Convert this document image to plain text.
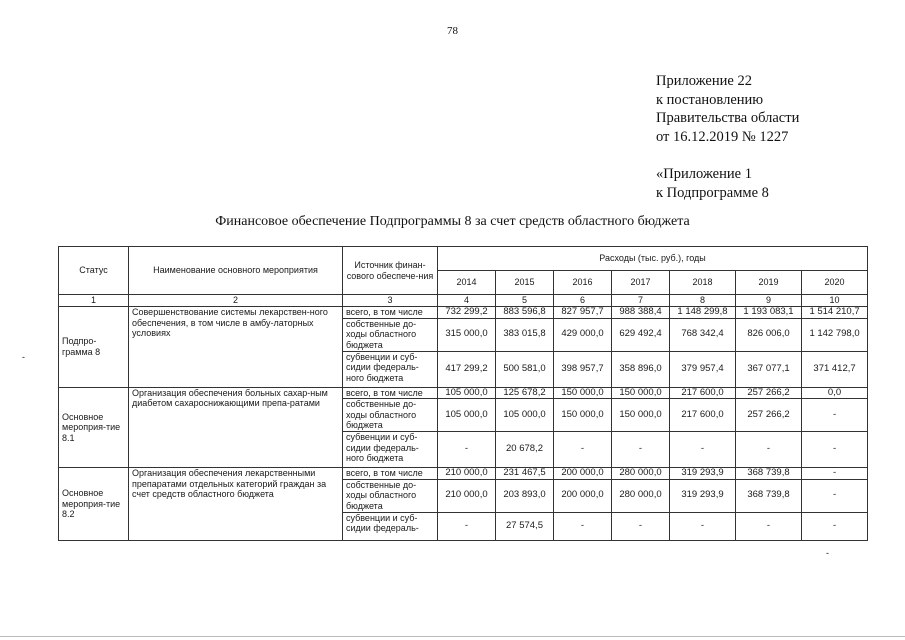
78
Приложение 22
к постановлению
Правительства области
от 16.12.2019 № 1227
«Приложение 1
к Подпрограмме 8
Финансовое обеспечение Подпрограммы 8 за счет средств областного бюджета
Статус	Наименование основного мероприятия	Источник финан-сового обеспече-ния	Расходы (тыс. руб.), годы						
			2014	2015	2016	2017	2018	2019	2020
1	2	3	4	5	6	7	8	9	10
Подпро-грамма 8	Совершенствование системы лекарствен-ного обеспечения, в том числе в амбу-латорных условиях	всего, в том числе	732 299,2	883 596,8	827 957,7	988 388,4	1 148 299,8	1 193 083,1	1 514 210,7
		собственные до-ходы областного бюджета	315 000,0	383 015,8	429 000,0	629 492,4	768 342,4	826 006,0	1 142 798,0
		субвенции и суб-сидии федераль-ного бюджета	417 299,2	500 581,0	398 957,7	358 896,0	379 957,4	367 077,1	371 412,7
Основное мероприя-тие 8.1	Организация обеспечения больных сахар-ным диабетом сахароснижающими препа-ратами	всего, в том числе	105 000,0	125 678,2	150 000,0	150 000,0	217 600,0	257 266,2	0,0
		собственные до-ходы областного бюджета	105 000,0	105 000,0	150 000,0	150 000,0	217 600,0	257 266,2	-
		субвенции и суб-сидии федераль-ного бюджета	-	20 678,2	-	-	-	-	-
Основное мероприя-тие 8.2	Организация обеспечения лекарственными препаратами отдельных категорий граждан за счет средств областного бюджета	всего, в том числе	210 000,0	231 467,5	200 000,0	280 000,0	319 293,9	368 739,8	-
		собственные до-ходы областного бюджета	210 000,0	203 893,0	200 000,0	280 000,0	319 293,9	368 739,8	-
		субвенции и суб-сидии федераль-	-	27 574,5	-	-	-	-	-
-
-
